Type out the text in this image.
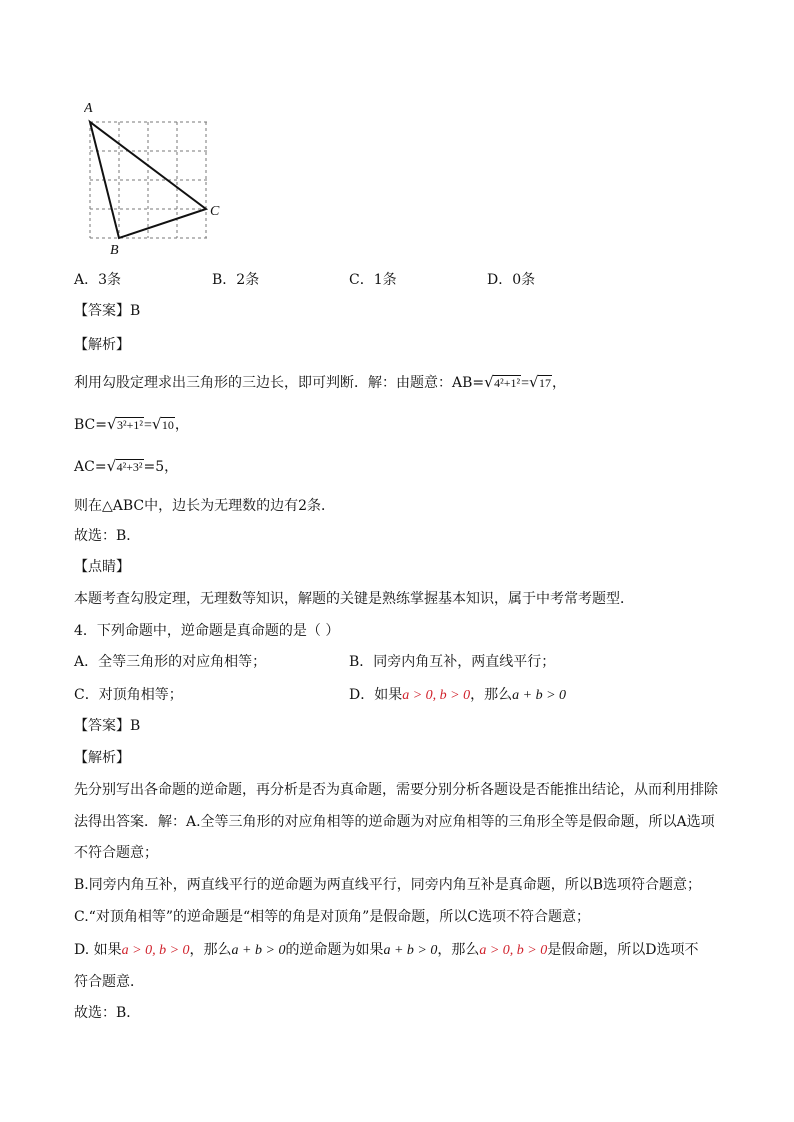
A
B
C
A．3条	B．2条	C．1条	D．0条
【答案】B
【解析】
利用勾股定理求出三角形的三边长，即可判断．解：由题意：AB= √ 4²+1²= √ 17，
BC= √ 3²+1²= √ 10，
AC= √ 4²+3²=5，
则在△ABC中，边长为无理数的边有2条．
故选：B．
【点睛】
本题考查勾股定理，无理数等知识，解题的关键是熟练掌握基本知识，属于中考常考题型．
4．下列命题中，逆命题是真命题的是（ ）
A．全等三角形的对应角相等；	B．同旁内角互补，两直线平行；
C．对顶角相等；	D．如果a > 0, b > 0，那么a + b > 0
【答案】B
【解析】
先分别写出各命题的逆命题，再分析是否为真命题，需要分别分析各题设是否能推出结论，从而利用排除
法得出答案．解：A.全等三角形的对应角相等的逆命题为对应角相等的三角形全等是假命题，所以A选项
不符合题意；
B.同旁内角互补，两直线平行的逆命题为两直线平行，同旁内角互补是真命题，所以B选项符合题意；
C.“对顶角相等”的逆命题是“相等的角是对顶角”是假命题，所以C选项不符合题意；
D. 如果a > 0, b > 0，那么a + b > 0的逆命题为如果a + b > 0，那么a > 0, b > 0是假命题，所以D选项不
符合题意．
故选：B．
